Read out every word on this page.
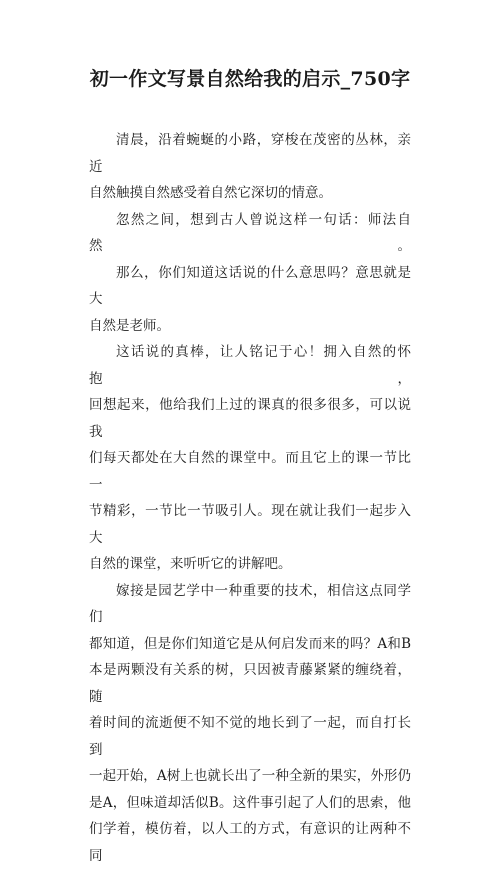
初一作文写景自然给我的启示_750字
清晨，沿着蜿蜒的小路，穿梭在茂密的丛林，亲近
自然触摸自然感受着自然它深切的情意。
忽然之间，想到古人曾说这样一句话：师法自然。
那么，你们知道这话说的什么意思吗？意思就是大
自然是老师。
这话说的真棒，让人铭记于心！拥入自然的怀抱，
回想起来，他给我们上过的课真的很多很多，可以说我
们每天都处在大自然的课堂中。而且它上的课一节比一
节精彩，一节比一节吸引人。现在就让我们一起步入大
自然的课堂，来听听它的讲解吧。
嫁接是园艺学中一种重要的技术，相信这点同学们
都知道，但是你们知道它是从何启发而来的吗？A和B
本是两颗没有关系的树，只因被青藤紧紧的缠绕着，随
着时间的流逝便不知不觉的地长到了一起，而自打长到
一起开始，A树上也就长出了一种全新的果实，外形仍
是A，但味道却活似B。这件事引起了人们的思索，他
们学着，模仿着，以人工的方式，有意识的让两种不同
